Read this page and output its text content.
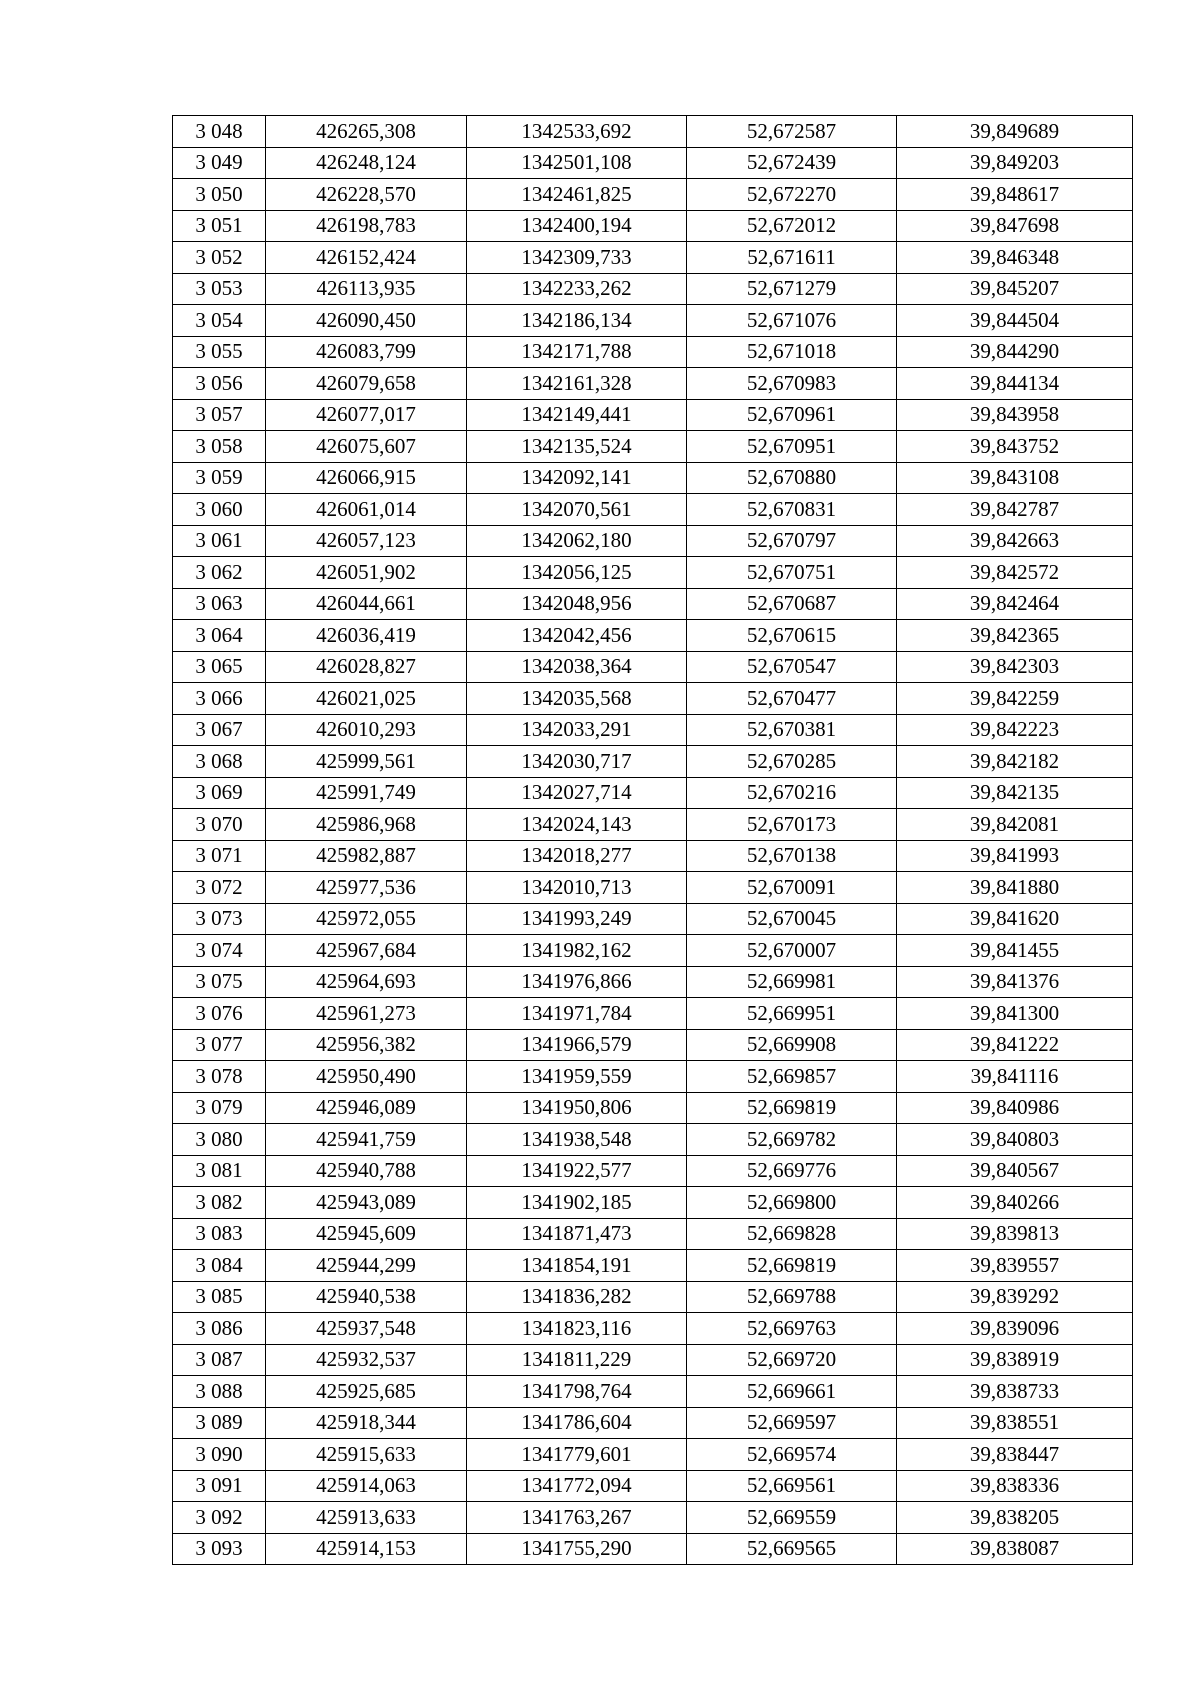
3 048	426265,308	1342533,692	52,672587	39,849689
3 049	426248,124	1342501,108	52,672439	39,849203
3 050	426228,570	1342461,825	52,672270	39,848617
3 051	426198,783	1342400,194	52,672012	39,847698
3 052	426152,424	1342309,733	52,671611	39,846348
3 053	426113,935	1342233,262	52,671279	39,845207
3 054	426090,450	1342186,134	52,671076	39,844504
3 055	426083,799	1342171,788	52,671018	39,844290
3 056	426079,658	1342161,328	52,670983	39,844134
3 057	426077,017	1342149,441	52,670961	39,843958
3 058	426075,607	1342135,524	52,670951	39,843752
3 059	426066,915	1342092,141	52,670880	39,843108
3 060	426061,014	1342070,561	52,670831	39,842787
3 061	426057,123	1342062,180	52,670797	39,842663
3 062	426051,902	1342056,125	52,670751	39,842572
3 063	426044,661	1342048,956	52,670687	39,842464
3 064	426036,419	1342042,456	52,670615	39,842365
3 065	426028,827	1342038,364	52,670547	39,842303
3 066	426021,025	1342035,568	52,670477	39,842259
3 067	426010,293	1342033,291	52,670381	39,842223
3 068	425999,561	1342030,717	52,670285	39,842182
3 069	425991,749	1342027,714	52,670216	39,842135
3 070	425986,968	1342024,143	52,670173	39,842081
3 071	425982,887	1342018,277	52,670138	39,841993
3 072	425977,536	1342010,713	52,670091	39,841880
3 073	425972,055	1341993,249	52,670045	39,841620
3 074	425967,684	1341982,162	52,670007	39,841455
3 075	425964,693	1341976,866	52,669981	39,841376
3 076	425961,273	1341971,784	52,669951	39,841300
3 077	425956,382	1341966,579	52,669908	39,841222
3 078	425950,490	1341959,559	52,669857	39,841116
3 079	425946,089	1341950,806	52,669819	39,840986
3 080	425941,759	1341938,548	52,669782	39,840803
3 081	425940,788	1341922,577	52,669776	39,840567
3 082	425943,089	1341902,185	52,669800	39,840266
3 083	425945,609	1341871,473	52,669828	39,839813
3 084	425944,299	1341854,191	52,669819	39,839557
3 085	425940,538	1341836,282	52,669788	39,839292
3 086	425937,548	1341823,116	52,669763	39,839096
3 087	425932,537	1341811,229	52,669720	39,838919
3 088	425925,685	1341798,764	52,669661	39,838733
3 089	425918,344	1341786,604	52,669597	39,838551
3 090	425915,633	1341779,601	52,669574	39,838447
3 091	425914,063	1341772,094	52,669561	39,838336
3 092	425913,633	1341763,267	52,669559	39,838205
3 093	425914,153	1341755,290	52,669565	39,838087
